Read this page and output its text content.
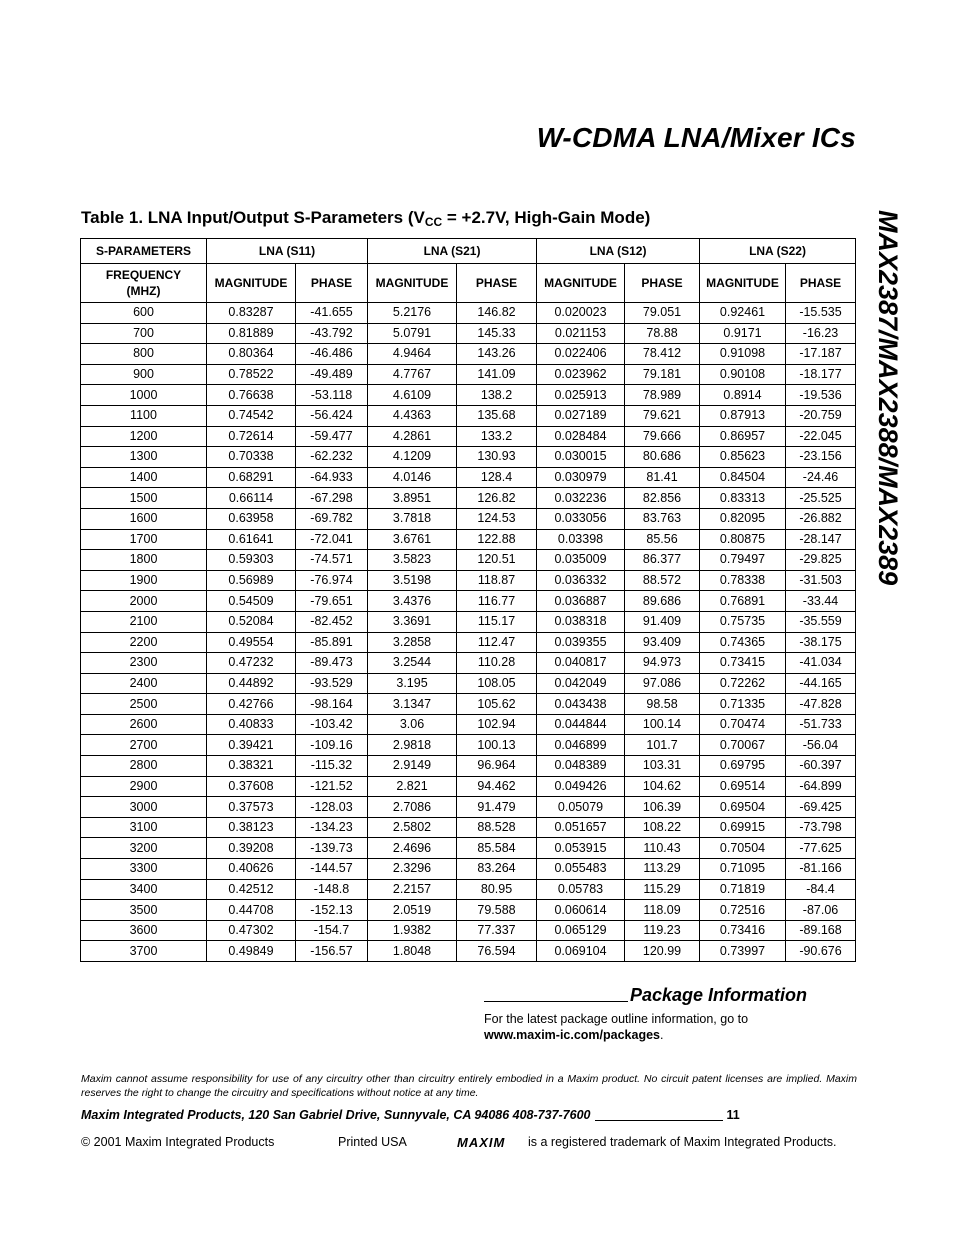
W-CDMA LNA/Mixer ICs
MAX2387/MAX2388/MAX2389
Table 1. LNA Input/Output S-Parameters ($V_{CC} = +2.7V$, High-Gain Mode)
S-PARAMETERS	LNA (S11)		LNA (S21)		LNA (S12)		LNA (S22)	
FREQUENCY
(MHZ)	MAGNITUDE	PHASE	MAGNITUDE	PHASE	MAGNITUDE	PHASE	MAGNITUDE	PHASE
600	0.83287	-41.655	5.2176	146.82	0.020023	79.051	0.92461	-15.535
700	0.81889	-43.792	5.0791	145.33	0.021153	78.88	0.9171	-16.23
800	0.80364	-46.486	4.9464	143.26	0.022406	78.412	0.91098	-17.187
900	0.78522	-49.489	4.7767	141.09	0.023962	79.181	0.90108	-18.177
1000	0.76638	-53.118	4.6109	138.2	0.025913	78.989	0.8914	-19.536
1100	0.74542	-56.424	4.4363	135.68	0.027189	79.621	0.87913	-20.759
1200	0.72614	-59.477	4.2861	133.2	0.028484	79.666	0.86957	-22.045
1300	0.70338	-62.232	4.1209	130.93	0.030015	80.686	0.85623	-23.156
1400	0.68291	-64.933	4.0146	128.4	0.030979	81.41	0.84504	-24.46
1500	0.66114	-67.298	3.8951	126.82	0.032236	82.856	0.83313	-25.525
1600	0.63958	-69.782	3.7818	124.53	0.033056	83.763	0.82095	-26.882
1700	0.61641	-72.041	3.6761	122.88	0.03398	85.56	0.80875	-28.147
1800	0.59303	-74.571	3.5823	120.51	0.035009	86.377	0.79497	-29.825
1900	0.56989	-76.974	3.5198	118.87	0.036332	88.572	0.78338	-31.503
2000	0.54509	-79.651	3.4376	116.77	0.036887	89.686	0.76891	-33.44
2100	0.52084	-82.452	3.3691	115.17	0.038318	91.409	0.75735	-35.559
2200	0.49554	-85.891	3.2858	112.47	0.039355	93.409	0.74365	-38.175
2300	0.47232	-89.473	3.2544	110.28	0.040817	94.973	0.73415	-41.034
2400	0.44892	-93.529	3.195	108.05	0.042049	97.086	0.72262	-44.165
2500	0.42766	-98.164	3.1347	105.62	0.043438	98.58	0.71335	-47.828
2600	0.40833	-103.42	3.06	102.94	0.044844	100.14	0.70474	-51.733
2700	0.39421	-109.16	2.9818	100.13	0.046899	101.7	0.70067	-56.04
2800	0.38321	-115.32	2.9149	96.964	0.048389	103.31	0.69795	-60.397
2900	0.37608	-121.52	2.821	94.462	0.049426	104.62	0.69514	-64.899
3000	0.37573	-128.03	2.7086	91.479	0.05079	106.39	0.69504	-69.425
3100	0.38123	-134.23	2.5802	88.528	0.051657	108.22	0.69915	-73.798
3200	0.39208	-139.73	2.4696	85.584	0.053915	110.43	0.70504	-77.625
3300	0.40626	-144.57	2.3296	83.264	0.055483	113.29	0.71095	-81.166
3400	0.42512	-148.8	2.2157	80.95	0.05783	115.29	0.71819	-84.4
3500	0.44708	-152.13	2.0519	79.588	0.060614	118.09	0.72516	-87.06
3600	0.47302	-154.7	1.9382	77.337	0.065129	119.23	0.73416	-89.168
3700	0.49849	-156.57	1.8048	76.594	0.069104	120.99	0.73997	-90.676
Package Information
For the latest package outline information, go to
www.maxim-ic.com/packages.
Maxim cannot assume responsibility for use of any circuitry other than circuitry entirely embodied in a Maxim product. No circuit patent licenses are implied. Maxim reserves the right to change the circuitry and specifications without notice at any time.
Maxim Integrated Products, 120 San Gabriel Drive, Sunnyvale, CA 94086 408-737-7600	11
© 2001 Maxim Integrated Products	Printed USA	MAXIM is a registered trademark of Maxim Integrated Products.
